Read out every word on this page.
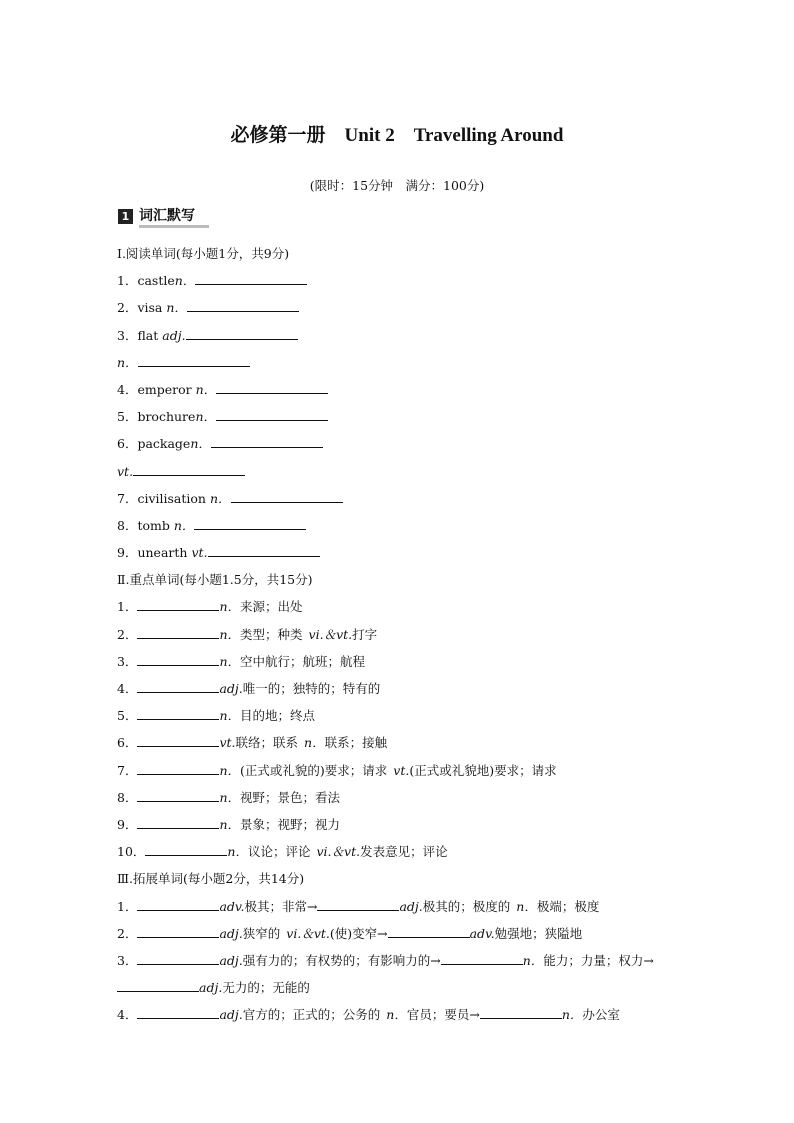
必修第一册　Unit 2　Travelling Around
(限时：15分钟　满分：100分)
1 词汇默写
Ⅰ.阅读单词(每小题1分，共9分)
1．castlen．
2．visa n．
3．flat adj.
n．
4．emperor n．
5．brochuren．
6．packagen．
vt.
7．civilisation n．
8．tomb n．
9．unearth vt.
Ⅱ.重点单词(每小题1.5分，共15分)
1．	n．来源；出处
2．	n．类型；种类 vi.＆vt.打字
3．	n．空中航行；航班；航程
4．	adj.唯一的；独特的；特有的
5．	n．目的地；终点
6．	vt.联络；联系 n．联系；接触
7．	n．(正式或礼貌的)要求；请求 vt.(正式或礼貌地)要求；请求
8．	n．视野；景色；看法
9．	n．景象；视野；视力
10．	n．议论；评论 vi.＆vt.发表意见；评论
Ⅲ.拓展单词(每小题2分，共14分)
1．	adv.极其；非常→	adj.极其的；极度的 n．极端；极度
2．	adj.狭窄的 vi.＆vt.(使)变窄→	adv.勉强地；狭隘地
3．	adj.强有力的；有权势的；有影响力的→	n．能力；力量；权力→adj.无力的；无能的
4．	adj.官方的；正式的；公务的 n．官员；要员→	n．办公室
